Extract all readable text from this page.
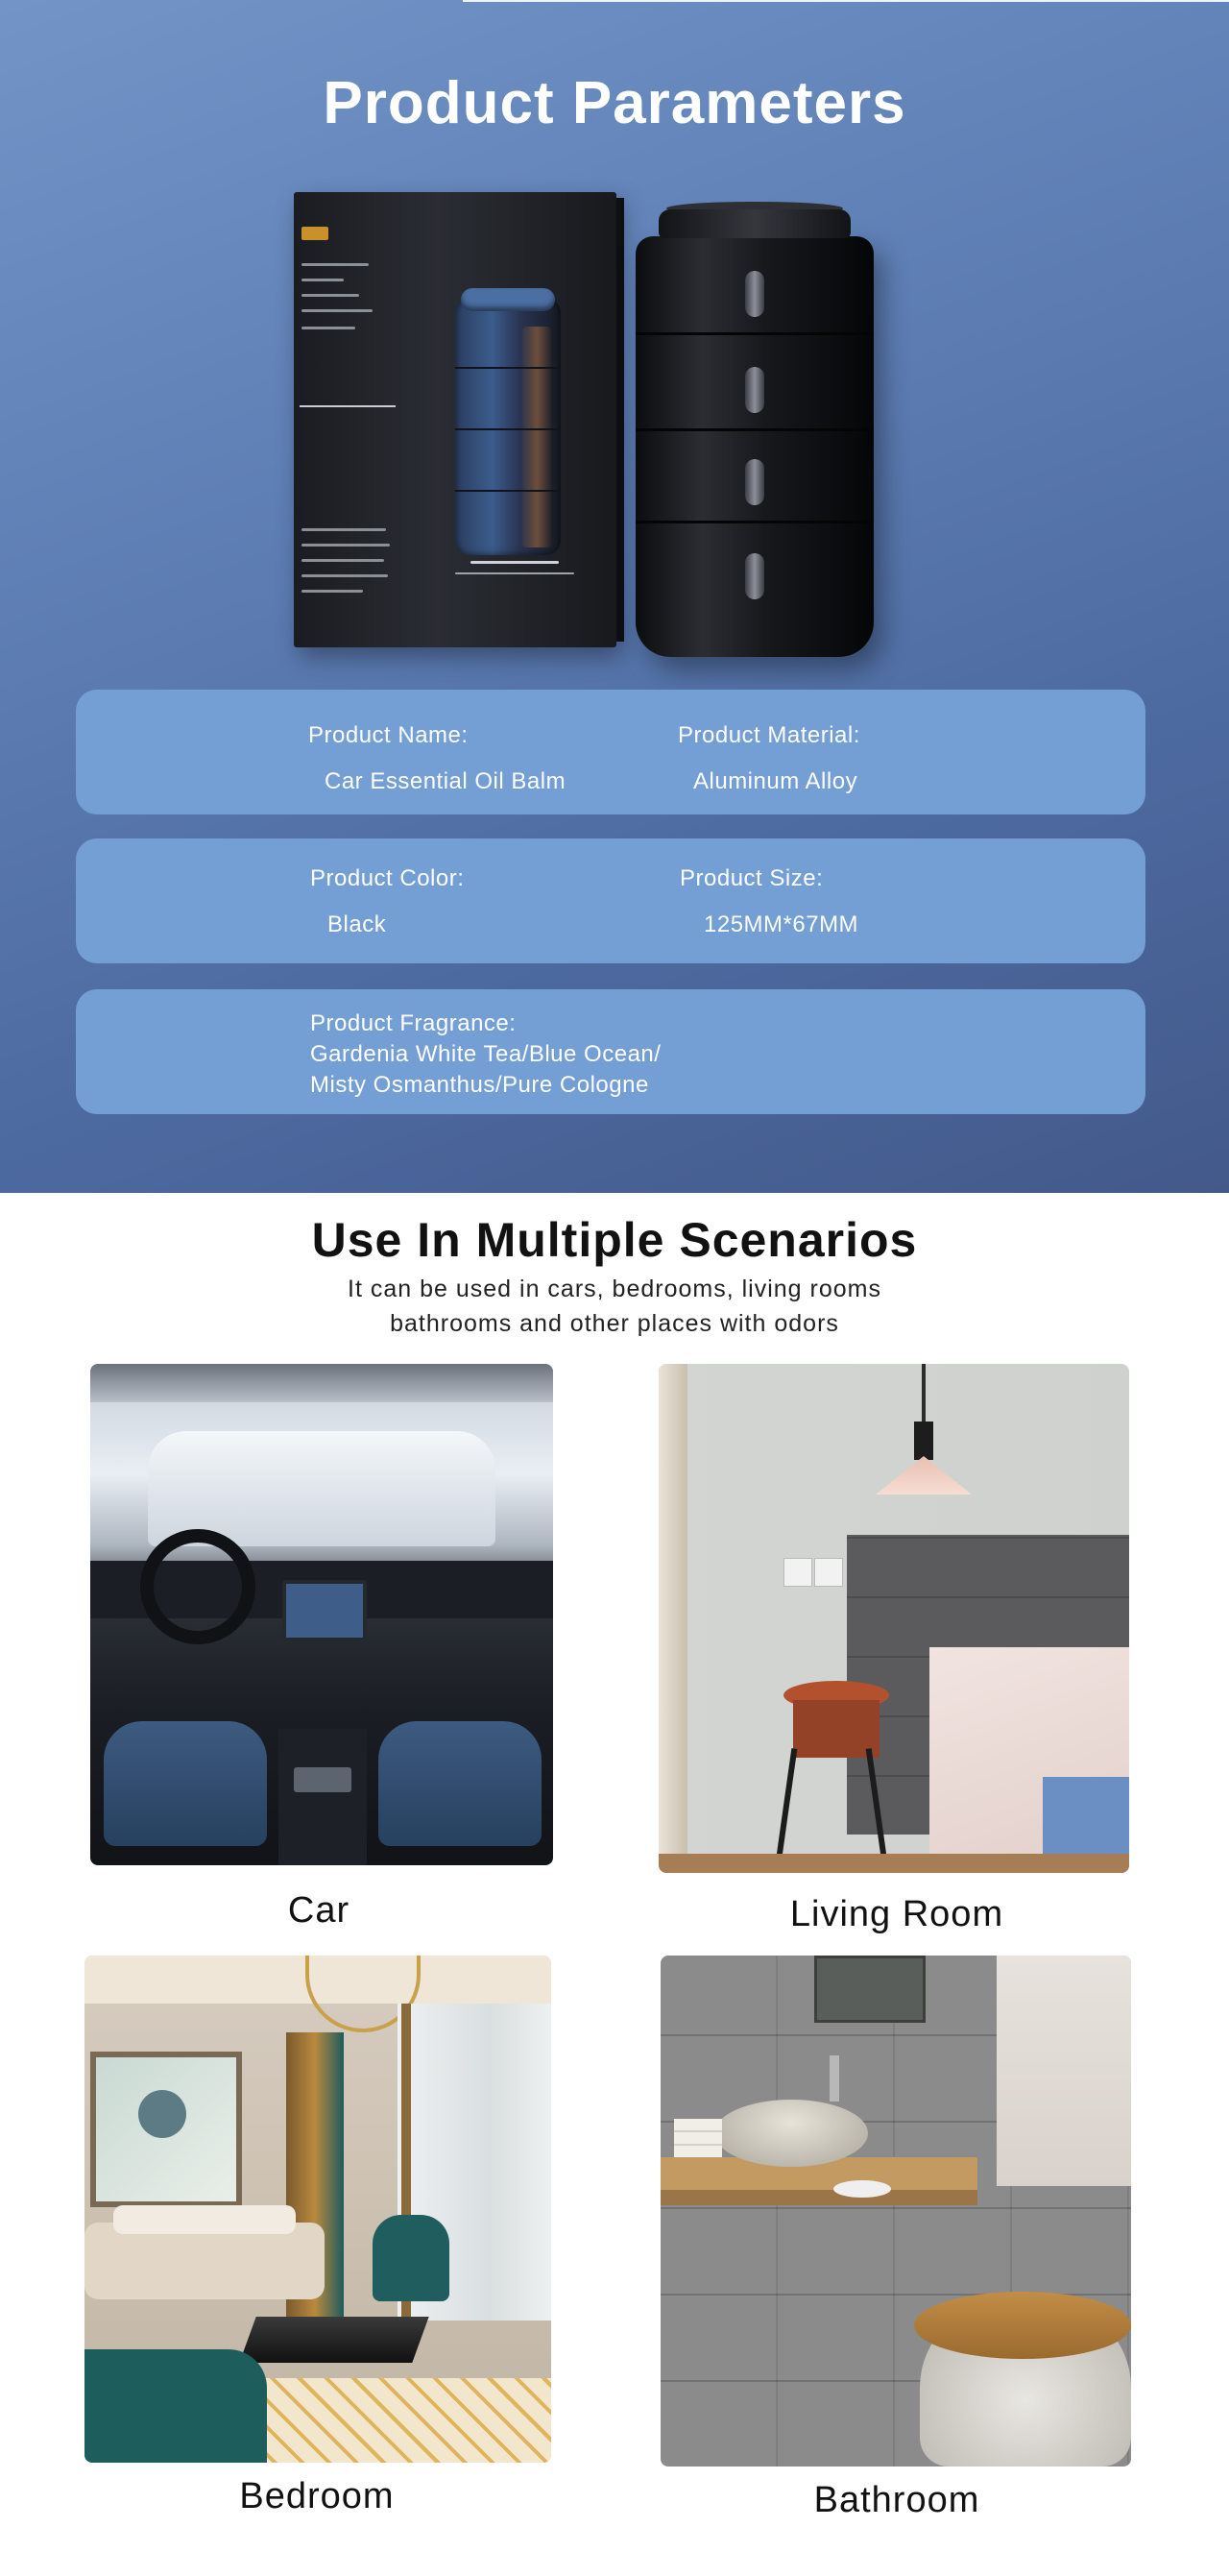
Product Parameters
Product Name:
Car Essential Oil Balm
Product Material:
Aluminum Alloy
Product Color:
Black
Product Size:
125MM*67MM
Product Fragrance:
Gardenia White Tea/Blue Ocean/
Misty Osmanthus/Pure Cologne
Use In Multiple Scenarios
It can be used in cars, bedrooms, living rooms
bathrooms and other places with odors
Car	Living Room
Bedroom	Bathroom
